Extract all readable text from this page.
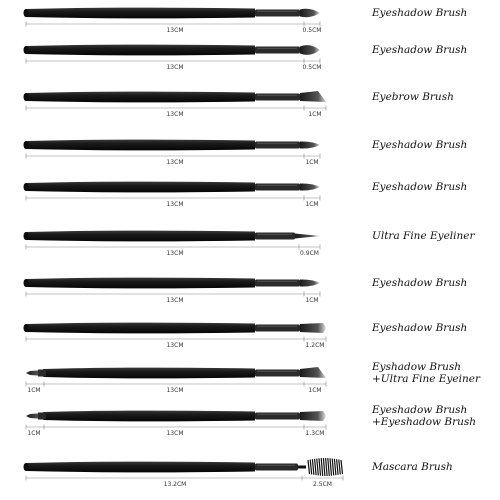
13CM	0.5CM
Eyeshadow Brush
13CM	0.5CM
Eyeshadow Brush
13CM	1CM
Eyebrow Brush
13CM	1CM
Eyeshadow Brush
13CM	1CM
Eyeshadow Brush
13CM	0.9CM
Ultra Fine Eyeliner
13CM	1CM
Eyeshadow Brush
13CM	1.2CM
Eyeshadow Brush
13CM	1CM
1CM
Eyshadow Brush
+Ultra Fine Eyeiner
13CM	1.3CM
1CM
Eyeshadow Brush
+Eyeshadow Brush
13.2CM	2.5CM
Mascara Brush
